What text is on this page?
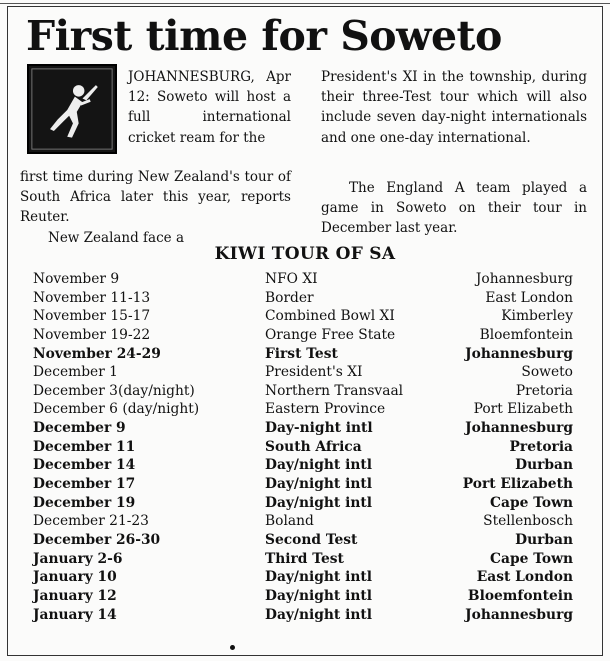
First time for Soweto
JOHANNESBURG, Apr 12: Soweto will host a full international cricket ream for the
first time during New Zealand's tour of South Africa later this year, reports Reuter.
New Zealand face a
President's XI in the township, during their three-Test tour which will also include seven day-night internationals and one one-day international.
The England A team played a game in Soweto on their tour in December last year.
KIWI TOUR OF SA
November 9	NFO XI	Johannesburg
November 11-13	Border	East London
November 15-17	Combined Bowl XI	Kimberley
November 19-22	Orange Free State	Bloemfontein
November 24-29	First Test	Johannesburg
December 1	President's XI	Soweto
December 3(day/night)	Northern Transvaal	Pretoria
December 6 (day/night)	Eastern Province	Port Elizabeth
December 9	Day-night intl	Johannesburg
December 11	South Africa	Pretoria
December 14	Day/night intl	Durban
December 17	Day/night intl	Port Elizabeth
December 19	Day/night intl	Cape Town
December 21-23	Boland	Stellenbosch
December 26-30	Second Test	Durban
January 2-6	Third Test	Cape Town
January 10	Day/night intl	East London
January 12	Day/night intl	Bloemfontein
January 14	Day/night intl	Johannesburg
